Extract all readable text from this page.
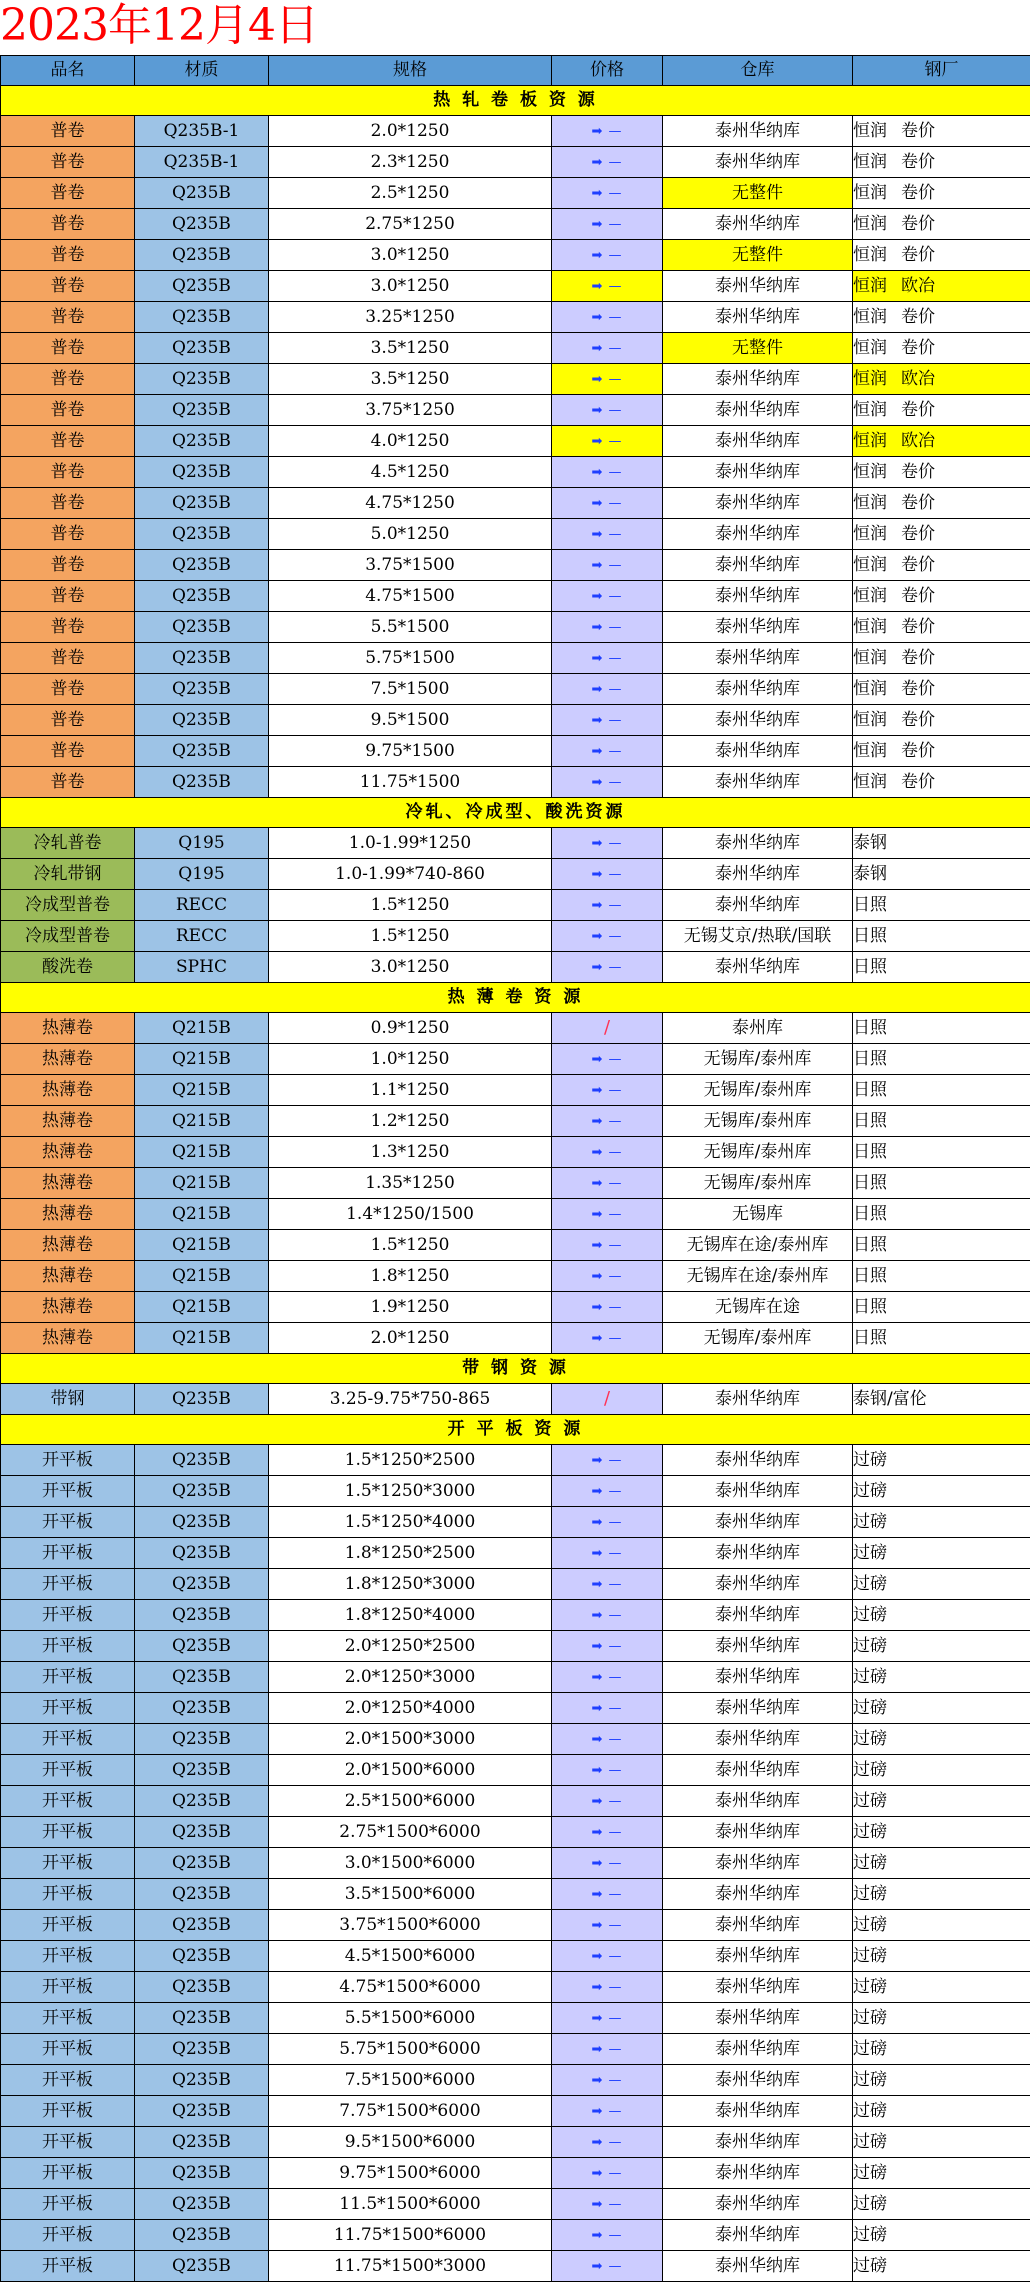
2023年12月4日
品名	材质	规格	价格	仓库	钢厂
热 轧 卷 板 资 源					
普卷	Q235B-1	2.0*1250	➡ —	泰州华纳库	恒润 卷价
普卷	Q235B-1	2.3*1250	➡ —	泰州华纳库	恒润 卷价
普卷	Q235B	2.5*1250	➡ —	无整件	恒润 卷价
普卷	Q235B	2.75*1250	➡ —	泰州华纳库	恒润 卷价
普卷	Q235B	3.0*1250	➡ —	无整件	恒润 卷价
普卷	Q235B	3.0*1250	➡ —	泰州华纳库	恒润 欧冶
普卷	Q235B	3.25*1250	➡ —	泰州华纳库	恒润 卷价
普卷	Q235B	3.5*1250	➡ —	无整件	恒润 卷价
普卷	Q235B	3.5*1250	➡ —	泰州华纳库	恒润 欧冶
普卷	Q235B	3.75*1250	➡ —	泰州华纳库	恒润 卷价
普卷	Q235B	4.0*1250	➡ —	泰州华纳库	恒润 欧冶
普卷	Q235B	4.5*1250	➡ —	泰州华纳库	恒润 卷价
普卷	Q235B	4.75*1250	➡ —	泰州华纳库	恒润 卷价
普卷	Q235B	5.0*1250	➡ —	泰州华纳库	恒润 卷价
普卷	Q235B	3.75*1500	➡ —	泰州华纳库	恒润 卷价
普卷	Q235B	4.75*1500	➡ —	泰州华纳库	恒润 卷价
普卷	Q235B	5.5*1500	➡ —	泰州华纳库	恒润 卷价
普卷	Q235B	5.75*1500	➡ —	泰州华纳库	恒润 卷价
普卷	Q235B	7.5*1500	➡ —	泰州华纳库	恒润 卷价
普卷	Q235B	9.5*1500	➡ —	泰州华纳库	恒润 卷价
普卷	Q235B	9.75*1500	➡ —	泰州华纳库	恒润 卷价
普卷	Q235B	11.75*1500	➡ —	泰州华纳库	恒润 卷价
冷轧、冷成型、酸洗资源					
冷轧普卷	Q195	1.0-1.99*1250	➡ —	泰州华纳库	泰钢
冷轧带钢	Q195	1.0-1.99*740-860	➡ —	泰州华纳库	泰钢
冷成型普卷	RECC	1.5*1250	➡ —	泰州华纳库	日照
冷成型普卷	RECC	1.5*1250	➡ —	无锡艾京/热联/国联	日照
酸洗卷	SPHC	3.0*1250	➡ —	泰州华纳库	日照
热 薄 卷 资 源					
热薄卷	Q215B	0.9*1250	/	泰州库	日照
热薄卷	Q215B	1.0*1250	➡ —	无锡库/泰州库	日照
热薄卷	Q215B	1.1*1250	➡ —	无锡库/泰州库	日照
热薄卷	Q215B	1.2*1250	➡ —	无锡库/泰州库	日照
热薄卷	Q215B	1.3*1250	➡ —	无锡库/泰州库	日照
热薄卷	Q215B	1.35*1250	➡ —	无锡库/泰州库	日照
热薄卷	Q215B	1.4*1250/1500	➡ —	无锡库	日照
热薄卷	Q215B	1.5*1250	➡ —	无锡库在途/泰州库	日照
热薄卷	Q215B	1.8*1250	➡ —	无锡库在途/泰州库	日照
热薄卷	Q215B	1.9*1250	➡ —	无锡库在途	日照
热薄卷	Q215B	2.0*1250	➡ —	无锡库/泰州库	日照
带 钢 资 源					
带钢	Q235B	3.25-9.75*750-865	/	泰州华纳库	泰钢/富伦
开 平 板 资 源					
开平板	Q235B	1.5*1250*2500	➡ —	泰州华纳库	过磅
开平板	Q235B	1.5*1250*3000	➡ —	泰州华纳库	过磅
开平板	Q235B	1.5*1250*4000	➡ —	泰州华纳库	过磅
开平板	Q235B	1.8*1250*2500	➡ —	泰州华纳库	过磅
开平板	Q235B	1.8*1250*3000	➡ —	泰州华纳库	过磅
开平板	Q235B	1.8*1250*4000	➡ —	泰州华纳库	过磅
开平板	Q235B	2.0*1250*2500	➡ —	泰州华纳库	过磅
开平板	Q235B	2.0*1250*3000	➡ —	泰州华纳库	过磅
开平板	Q235B	2.0*1250*4000	➡ —	泰州华纳库	过磅
开平板	Q235B	2.0*1500*3000	➡ —	泰州华纳库	过磅
开平板	Q235B	2.0*1500*6000	➡ —	泰州华纳库	过磅
开平板	Q235B	2.5*1500*6000	➡ —	泰州华纳库	过磅
开平板	Q235B	2.75*1500*6000	➡ —	泰州华纳库	过磅
开平板	Q235B	3.0*1500*6000	➡ —	泰州华纳库	过磅
开平板	Q235B	3.5*1500*6000	➡ —	泰州华纳库	过磅
开平板	Q235B	3.75*1500*6000	➡ —	泰州华纳库	过磅
开平板	Q235B	4.5*1500*6000	➡ —	泰州华纳库	过磅
开平板	Q235B	4.75*1500*6000	➡ —	泰州华纳库	过磅
开平板	Q235B	5.5*1500*6000	➡ —	泰州华纳库	过磅
开平板	Q235B	5.75*1500*6000	➡ —	泰州华纳库	过磅
开平板	Q235B	7.5*1500*6000	➡ —	泰州华纳库	过磅
开平板	Q235B	7.75*1500*6000	➡ —	泰州华纳库	过磅
开平板	Q235B	9.5*1500*6000	➡ —	泰州华纳库	过磅
开平板	Q235B	9.75*1500*6000	➡ —	泰州华纳库	过磅
开平板	Q235B	11.5*1500*6000	➡ —	泰州华纳库	过磅
开平板	Q235B	11.75*1500*6000	➡ —	泰州华纳库	过磅
开平板	Q235B	11.75*1500*3000	➡ —	泰州华纳库	过磅
